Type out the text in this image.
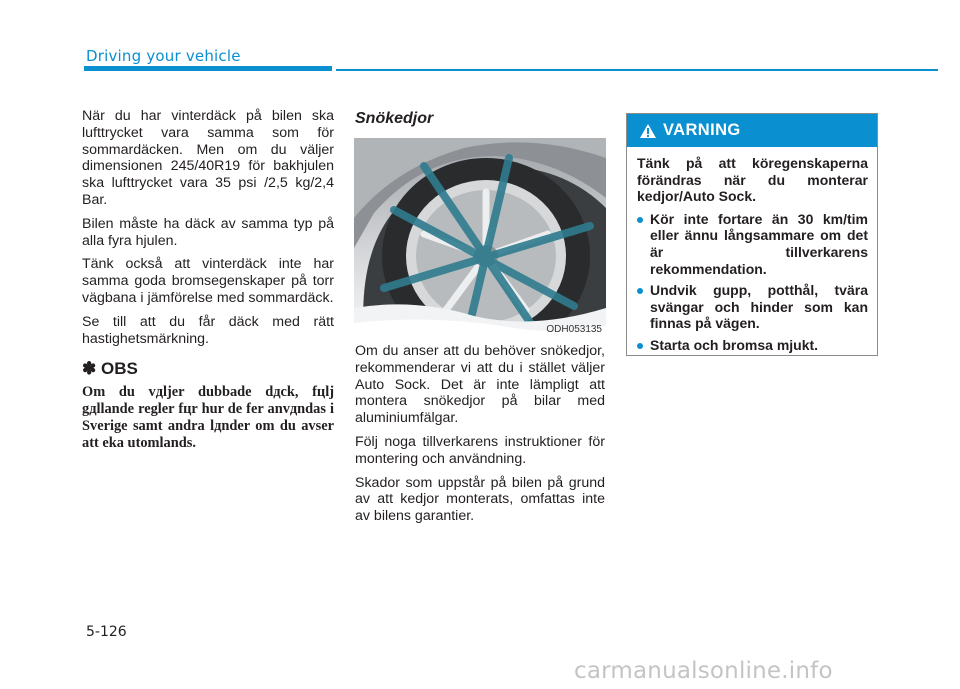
Driving your vehicle

När du har vinterdäck på bilen ska lufttrycket vara samma som för sommardäcken. Men om du väljer dimensionen 245/40R19 för bakhjulen ska lufttrycket vara 35 psi /2,5 kg/2,4 Bar.

Bilen måste ha däck av samma typ på alla fyra hjulen.

Tänk också att vinterdäck inte har samma goda bromsegenskaper på torr vägbana i jämförelse med sommardäck.

Se till att du får däck med rätt hastighetsmärkning.

✽ OBS

Om du vдljer dubbade dдck, fцlj gдllande regler fцr hur de fеr anvдndas i Sverige samt andra lдnder om du avser att eka utomlands.

Snökedjor
ODH053135

Om du anser att du behöver snökedjor, rekommenderar vi att du i stället väljer Auto Sock. Det är inte lämpligt att montera snökedjor på bilar med aluminiumfälgar.

Följ noga tillverkarens instruktioner för montering och användning.

Skador som uppstår på bilen på grund av att kedjor monterats, omfattas inte av bilens garantier.

VARNING

Tänk på att köregenskaperna förändras när du monterar kedjor/Auto Sock.

Kör inte fortare än 30 km/tim eller ännu långsammare om det är tillverkarens rekommendation.
Undvik gupp, potthål, tvära svängar och hinder som kan finnas på vägen.
Starta och bromsa mjukt.
5-126
carmanualsonline.info
